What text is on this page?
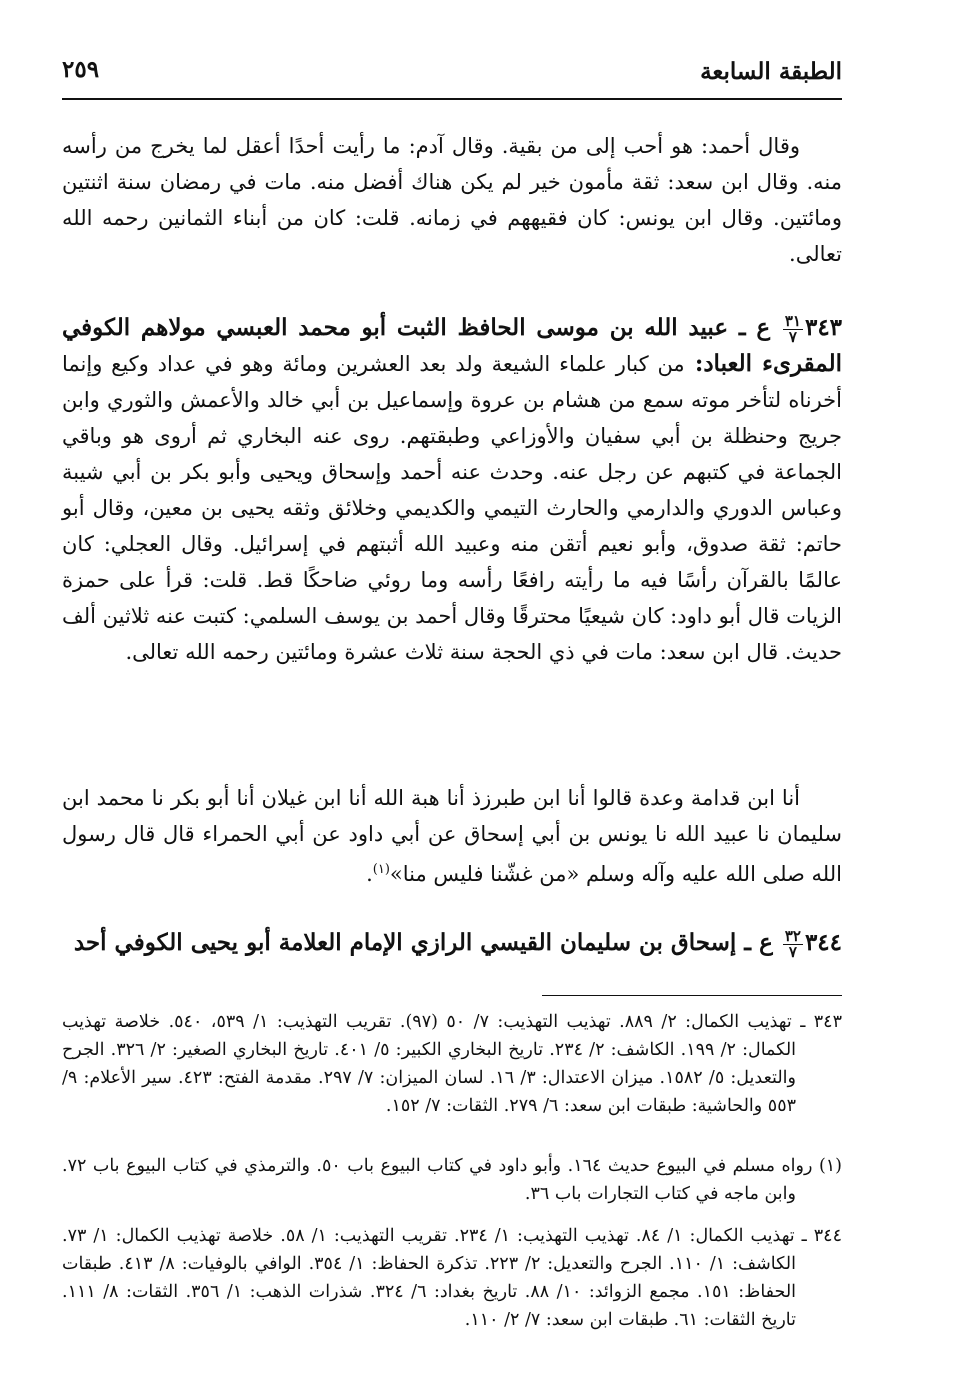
الطبقة السابعة
٢٥٩

وقال أحمد: هو أحب إلى من بقية. وقال آدم: ما رأيت أحدًا أعقل لما يخرج من رأسه منه. وقال ابن سعد: ثقة مأمون خير لم يكن هناك أفضل منه. مات في رمضان سنة اثنتين ومائتين. وقال ابن يونس: كان فقيههم في زمانه. قلت: كان من أبناء الثمانين رحمه الله تعالى.

٣٤٣
$\frac{٣١}{٧}$
ع ـ عبيد الله بن موسى الحافظ الثبت أبو محمد العبسي مولاهم الكوفي المقرىء العباد: من كبار علماء الشيعة ولد بعد العشرين ومائة وهو في عداد وكيع وإنما أخرناه لتأخر موته سمع من هشام بن عروة وإسماعيل بن أبي خالد والأعمش والثوري وابن جريج وحنظلة بن أبي سفيان والأوزاعي وطبقتهم. روى عنه البخاري ثم أروى هو وباقي الجماعة في كتبهم عن رجل عنه. وحدث عنه أحمد وإسحاق ويحيى وأبو بكر بن أبي شيبة وعباس الدوري والدارمي والحارث التيمي والكديمي وخلائق وثقه يحيى بن معين، وقال أبو حاتم: ثقة صدوق، وأبو نعيم أتقن منه وعبيد الله أثبتهم في إسرائيل. وقال العجلي: كان عالمًا بالقرآن رأسًا فيه ما رأيته رافعًا رأسه وما روئي ضاحكًا قط. قلت: قرأ على حمزة الزيات قال أبو داود: كان شيعيًا محترقًا وقال أحمد بن يوسف السلمي: كتبت عنه ثلاثين ألف حديث. قال ابن سعد: مات في ذي الحجة سنة ثلاث عشرة ومائتين رحمه الله تعالى.

أنا ابن قدامة وعدة قالوا أنا ابن طبرزذ أنا هبة الله أنا ابن غيلان أنا أبو بكر نا محمد ابن سليمان نا عبيد الله نا يونس بن أبي إسحاق عن أبي داود عن أبي الحمراء قال قال رسول الله صلى الله عليه وآله وسلم «من غشّنا فليس منا»$^{(١)}$.

٣٤٤
$\frac{٣٢}{٧}$
ع ـ إسحاق بن سليمان القيسي الرازي الإمام العلامة أبو يحيى الكوفي أحد

٣٤٣ ـ تهذيب الكمال: ٢/ ٨٨٩. تهذيب التهذيب: ٧/ ٥٠ (٩٧). تقريب التهذيب: ١/ ٥٣٩، ٥٤٠. خلاصة تهذيب الكمال: ٢/ ١٩٩. الكاشف: ٢/ ٢٣٤. تاريخ البخاري الكبير: ٥/ ٤٠١. تاريخ البخاري الصغير: ٢/ ٣٢٦. الجرح والتعديل: ٥/ ١٥٨٢. ميزان الاعتدال: ٣/ ١٦. لسان الميزان: ٧/ ٢٩٧. مقدمة الفتح: ٤٢٣. سير الأعلام: ٩/ ٥٥٣ والحاشية: طبقات ابن سعد: ٦/ ٢٧٩. الثقات: ٧/ ١٥٢.

(١) رواه مسلم في البيوع حديث ١٦٤. وأبو داود في كتاب البيوع باب ٥٠. والترمذي في كتاب البيوع باب ٧٢. وابن ماجه في كتاب التجارات باب ٣٦.

٣٤٤ ـ تهذيب الكمال: ١/ ٨٤. تهذيب التهذيب: ١/ ٢٣٤. تقريب التهذيب: ١/ ٥٨. خلاصة تهذيب الكمال: ١/ ٧٣. الكاشف: ١/ ١١٠. الجرح والتعديل: ٢/ ٢٢٣. تذكرة الحفاظ: ١/ ٣٥٤. الوافي بالوفيات: ٨/ ٤١٣. طبقات الحفاظ: ١٥١. مجمع الزوائد: ١٠/ ٨٨. تاريخ بغداد: ٦/ ٣٢٤. شذرات الذهب: ١/ ٣٥٦. الثقات: ٨/ ١١١. تاريخ الثقات: ٦١. طبقات ابن سعد: ٧/ ٢/ ١١٠.
